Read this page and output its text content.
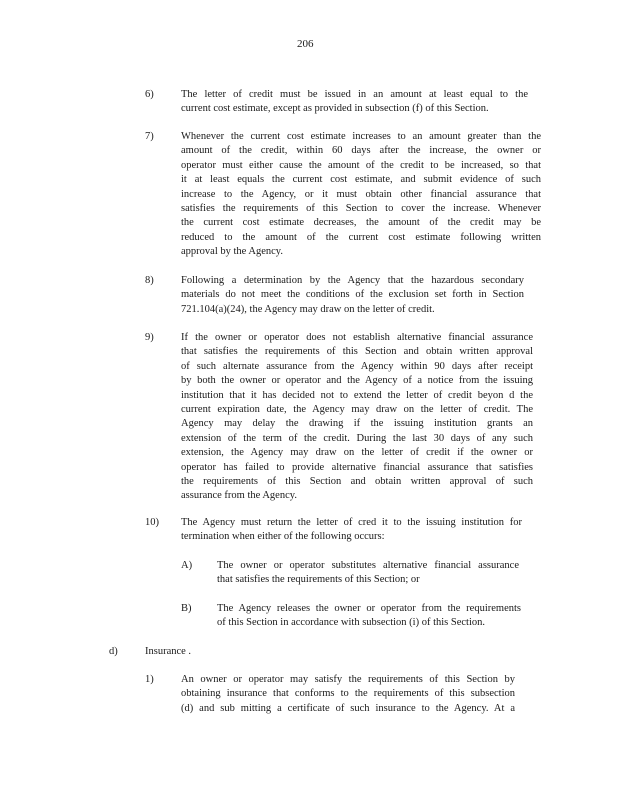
206
6)	The letter of credit must be issued in an amount at least equal to the
current cost estimate, except as provided in subsection (f) of this Section.
7)	Whenever the current cost estimate increases to an amount greater than the
amount of the credit, within 60 days after the increase, the owner or
operator must either cause the amount of the credit to be increased, so that
it at least equals the current cost estimate, and submit evidence of such
increase to the Agency, or it must obtain other financial assurance that
satisfies the requirements of this Section to cover the increase. Whenever
the current cost estimate decreases, the amount of the credit may be
reduced to the amount of the current cost estimate following written
approval by the Agency.
8)	Following a determination by the Agency that the hazardous secondary
materials do not meet the conditions of the exclusion set forth in Section
721.104(a)(24), the Agency may draw on the letter of credit.
9)	If the owner or operator does not establish alternative financial assurance
that satisfies the requirements of this Section and obtain written approval
of such alternate assurance from the Agency within 90 days after receipt
by both the owner or operator and the Agency of a notice from the issuing
institution that it has decided not to extend the letter of credit beyon d the
current expiration date, the Agency may draw on the letter of credit. The
Agency may delay the drawing if the issuing institution grants an
extension of the term of the credit. During the last 30 days of any such
extension, the Agency may draw on the letter of credit if the owner or
operator has failed to provide alternative financial assurance that satisfies
the requirements of this Section and obtain written approval of such
assurance from the Agency.
10) The Agency must return the letter of cred it to the issuing institution for
termination when either of the following occurs:
A) The owner or operator substitutes alternative financial assurance
that satisfies the requirements of this Section; or
B) The Agency releases the owner or operator from the requirements
of this Section in accordance with subsection (i) of this Section.
d)	Insurance .
1)	An owner or operator may satisfy the requirements of this Section by
obtaining insurance that conforms to the requirements of this subsection
(d) and sub mitting a certificate of such insurance to the Agency. At a
